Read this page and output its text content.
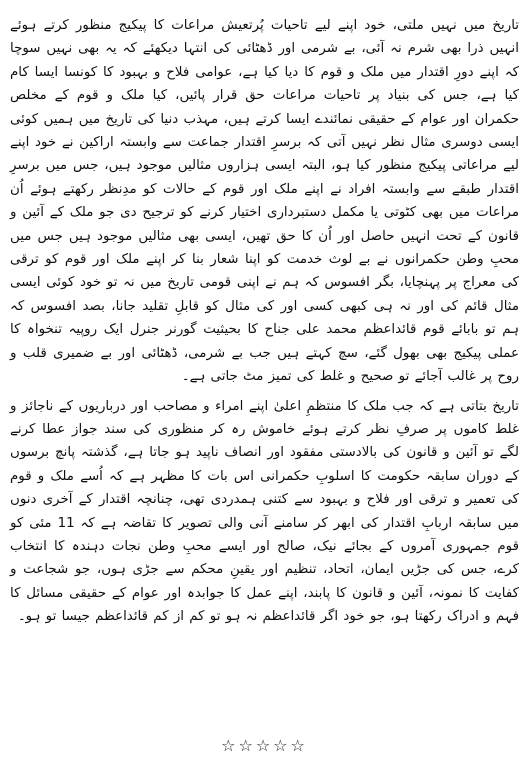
تاریخ میں نہیں ملتی، خود اپنے لیے تاحیات پُرتعیش مراعات کا پیکیج منظور کرتے ہوئے انہیں ذرا بھی شرم نہ آئی، بے شرمی اور ڈھٹائی کی انتہا دیکھئے کہ یہ بھی نہیں سوچا کہ اپنے دورِ اقتدار میں ملک و قوم کا دیا کیا ہے، عوامی فلاح و بہبود کا کونسا ایسا کام کیا ہے، جس کی بنیاد پر تاحیات مراعات حق قرار پائیں، کیا ملک و قوم کے مخلص حکمران اور عوام کے حقیقی نمائندے ایسا کرتے ہیں، مہذب دنیا کی تاریخ میں ہمیں کوئی ایسی دوسری مثال نظر نہیں آتی کہ برسرِ اقتدار جماعت سے وابستہ اراکین نے خود اپنے لیے مراعاتی پیکیج منظور کیا ہو، البتہ ایسی ہزاروں مثالیں موجود ہیں، جس میں برسرِ اقتدار طبقے سے وابستہ افراد نے اپنے ملک اور قوم کے حالات کو مدِنظر رکھتے ہوئے اُن مراعات میں بھی کٹوتی یا مکمل دستبرداری اختیار کرنے کو ترجیح دی جو ملک کے آئین و قانون کے تحت انہیں حاصل اور اُن کا حق تھیں، ایسی بھی مثالیں موجود ہیں جس میں محبِ وطن حکمرانوں نے بے لوث خدمت کو اپنا شعار بنا کر اپنے ملک اور قوم کو ترقی کی معراج پر پہنچایا، بگر افسوس کہ ہم نے اپنی قومی تاریخ میں نہ تو خود کوئی ایسی مثال قائم کی اور نہ ہی کبھی کسی اور کی مثال کو قابلِ تقلید جانا، بصد افسوس کہ ہم تو بابائے قوم قائداعظم محمد علی جناح کا بحیثیت گورنر جنرل ایک روپیہ تنخواہ کا عملی پیکیج بھی بھول گئے، سچ کہتے ہیں جب بے شرمی، ڈھٹائی اور بے ضمیری قلب و روح پر غالب آجائے تو صحیح و غلط کی تمیز مٹ جاتی ہے۔

تاریخ بتاتی ہے کہ جب ملک کا منتظمِ اعلیٰ اپنے امراء و مصاحب اور درباریوں کے ناجائز و غلط کاموں پر صرفِ نظر کرتے ہوئے خاموش رہ کر منظوری کی سند جواز عطا کرنے لگے تو آئین و قانون کی بالادستی مفقود اور انصاف ناپید ہو جاتا ہے، گذشتہ پانچ برسوں کے دوران سابقہ حکومت کا اسلوبِ حکمرانی اس بات کا مظہر ہے کہ اُسے ملک و قوم کی تعمیر و ترقی اور فلاح و بہبود سے کتنی ہمدردی تھی، چنانچہ اقتدار کے آخری دنوں میں سابقہ اربابِ اقتدار کی ابھر کر سامنے آنی والی تصویر کا تقاضہ ہے کہ 11 مئی کو قوم جمہوری آمروں کے بجائے نیک، صالح اور ایسے محبِ وطن نجات دہندہ کا انتخاب کرے، جس کی جڑیں ایمان، اتحاد، تنظیم اور یقینِ محکم سے جڑی ہوں، جو شجاعت و کفایت کا نمونہ، آئین و قانون کا پابند، اپنے عمل کا جوابدہ اور عوام کے حقیقی مسائل کا فہم و ادراک رکھتا ہو، جو خود اگر قائداعظم نہ ہو تو کم از کم قائداعظم جیسا تو ہو۔

☆☆☆☆☆
